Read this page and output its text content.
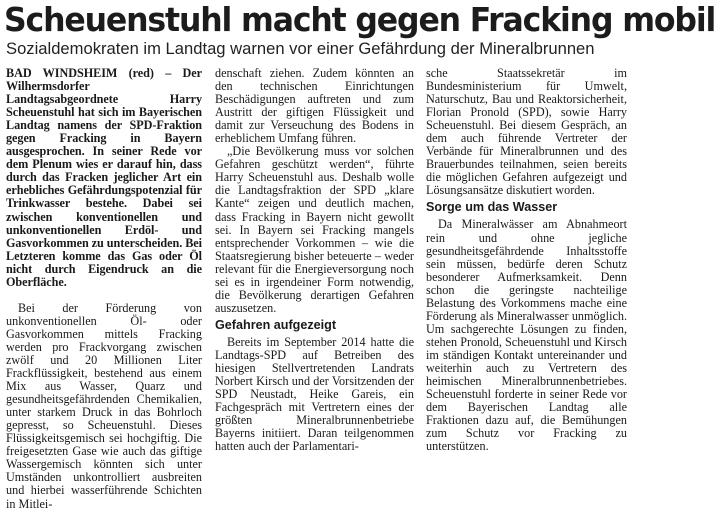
Scheuenstuhl macht gegen Fracking mobil
Sozialdemokraten im Landtag warnen vor einer Gefährdung der Mineralbrunnen

BAD WINDSHEIM (red) – Der Wilhermsdorfer Landtagsabgeordnete Harry Scheuenstuhl hat sich im Bayerischen Landtag namens der SPD-Fraktion gegen Fracking in Bayern ausgesprochen. In seiner Rede vor dem Plenum wies er darauf hin, dass durch das Fracken jeglicher Art ein erhebliches Gefährdungspotenzial für Trinkwasser bestehe. Dabei sei zwischen konventionellen und unkonventionellen Erdöl- und Gasvorkommen zu unterscheiden. Bei Letzteren komme das Gas oder Öl nicht durch Eigendruck an die Oberfläche.

Bei der Förderung von unkonventionellen Öl- oder Gasvorkommen mittels Fracking werden pro Frackvorgang zwischen zwölf und 20 Millionen Liter Frackflüssigkeit, bestehend aus einem Mix aus Wasser, Quarz und gesundheitsgefährdenden Chemikalien, unter starkem Druck in das Bohrloch gepresst, so Scheuenstuhl. Dieses Flüssigkeitsgemisch sei hochgiftig. Die freigesetzten Gase wie auch das giftige Wassergemisch könnten sich unter Umständen unkontrolliert ausbreiten und hierbei wasserführende Schichten in Mitlei-

denschaft ziehen. Zudem könnten an den technischen Einrichtungen Beschädigungen auftreten und zum Austritt der giftigen Flüssigkeit und damit zur Verseuchung des Bodens in erheblichem Umfang führen.

„Die Bevölkerung muss vor solchen Gefahren geschützt werden“, führte Harry Scheuenstuhl aus. Deshalb wolle die Landtagsfraktion der SPD „klare Kante“ zeigen und deutlich machen, dass Fracking in Bayern nicht gewollt sei. In Bayern sei Fracking mangels entsprechender Vorkommen – wie die Staatsregierung bisher beteuerte – weder relevant für die Energieversorgung noch sei es in irgendeiner Form notwendig, die Bevölkerung derartigen Gefahren auszusetzen.

Gefahren aufgezeigt

Bereits im September 2014 hatte die Landtags-SPD auf Betreiben des hiesigen Stellvertretenden Landrats Norbert Kirsch und der Vorsitzenden der SPD Neustadt, Heike Gareis, ein Fachgespräch mit Vertretern eines der größten Mineralbrunnenbetriebe Bayerns initiiert. Daran teilgenommen hatten auch der Parlamentari-

sche Staatssekretär im Bundesministerium für Umwelt, Naturschutz, Bau und Reaktorsicherheit, Florian Pronold (SPD), sowie Harry Scheuenstuhl. Bei diesem Gespräch, an dem auch führende Vertreter der Verbände für Mineralbrunnen und des Brauerbundes teilnahmen, seien bereits die möglichen Gefahren aufgezeigt und Lösungsansätze diskutiert worden.

Sorge um das Wasser

Da Mineralwässer am Abnahmeort rein und ohne jegliche gesundheitsgefährdende Inhaltsstoffe sein müssen, bedürfe deren Schutz besonderer Aufmerksamkeit. Denn schon die geringste nachteilige Belastung des Vorkommens mache eine Förderung als Mineralwasser unmöglich. Um sachgerechte Lösungen zu finden, stehen Pronold, Scheuenstuhl und Kirsch im ständigen Kontakt untereinander und weiterhin auch zu Vertretern des heimischen Mineralbrunnenbetriebes. Scheuenstuhl forderte in seiner Rede vor dem Bayerischen Landtag alle Fraktionen dazu auf, die Bemühungen zum Schutz vor Fracking zu unterstützen.
